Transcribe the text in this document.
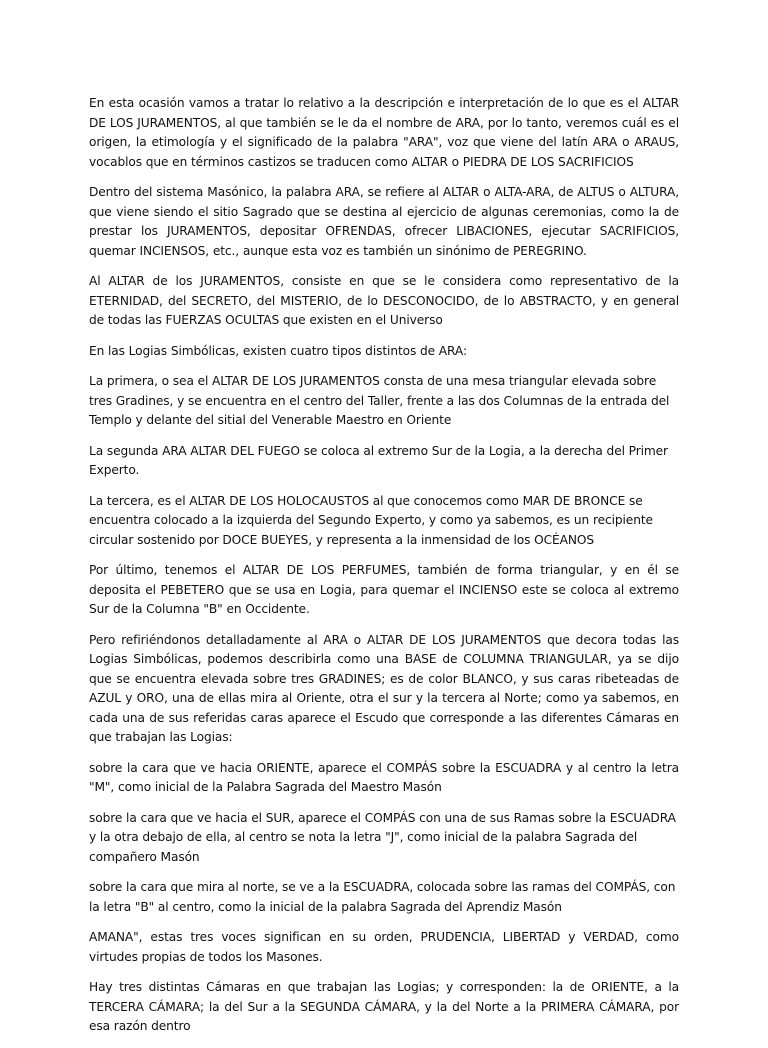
En esta ocasión vamos a tratar lo relativo a la descripción e interpretación de lo que es el ALTAR DE LOS JURAMENTOS, al que también se le da el nombre de ARA, por lo tanto, veremos cuál es el origen, la etimología y el significado de la palabra "ARA", voz que viene del latín ARA o ARAUS, vocablos que en términos castizos se traducen como ALTAR o PIEDRA DE LOS SACRIFICIOS

Dentro del sistema Masónico, la palabra ARA, se refiere al ALTAR o ALTA-ARA, de ALTUS o ALTURA, que viene siendo el sitio Sagrado que se destina al ejercicio de algunas ceremonias, como la de prestar los JURAMENTOS, depositar OFRENDAS, ofrecer LIBACIONES, ejecutar SACRIFICIOS, quemar INCIENSOS, etc., aunque esta voz es también un sinónimo de PEREGRINO.

Al ALTAR de los JURAMENTOS, consiste en que se le considera como representativo de la ETERNIDAD, del SECRETO, del MISTERIO, de lo DESCONOCIDO, de lo ABSTRACTO, y en general de todas las FUERZAS OCULTAS que existen en el Universo

En las Logias Simbólicas, existen cuatro tipos distintos de ARA:

La primera, o sea el ALTAR DE LOS JURAMENTOS consta de una mesa triangular elevada sobre tres Gradines, y se encuentra en el centro del Taller, frente a las dos Columnas de la entrada del Templo y delante del sitial del Venerable Maestro en Oriente

La segunda ARA ALTAR DEL FUEGO se coloca al extremo Sur de la Logia, a la derecha del Primer Experto.

La tercera, es el ALTAR DE LOS HOLOCAUSTOS al que conocemos como MAR DE BRONCE se encuentra colocado a la izquierda del Segundo Experto, y como ya sabemos, es un recipiente circular sostenido por DOCE BUEYES, y representa a la inmensidad de los OCÉANOS

Por último, tenemos el ALTAR DE LOS PERFUMES, también de forma triangular, y en él se deposita el PEBETERO que se usa en Logia, para quemar el INCIENSO este se coloca al extremo Sur de la Columna "B" en Occidente.

Pero refiriéndonos detalladamente al ARA o ALTAR DE LOS JURAMENTOS que decora todas las Logias Simbólicas, podemos describirla como una BASE de COLUMNA TRIANGULAR, ya se dijo que se encuentra elevada sobre tres GRADINES; es de color BLANCO, y sus caras ribeteadas de AZUL y ORO, una de ellas mira al Oriente, otra el sur y la tercera al Norte; como ya sabemos, en cada una de sus referidas caras aparece el Escudo que corresponde a las diferentes Cámaras en que trabajan las Logias:

sobre la cara que ve hacia ORIENTE, aparece el COMPÁS sobre la ESCUADRA y al centro la letra "M", como inicial de la Palabra Sagrada del Maestro Masón

sobre la cara que ve hacia el SUR, aparece el COMPÁS con una de sus Ramas sobre la ESCUADRA y la otra debajo de ella, al centro se nota la letra "J", como inicial de la palabra Sagrada del compañero Masón

sobre la cara que mira al norte, se ve a la ESCUADRA, colocada sobre las ramas del COMPÁS, con la letra "B" al centro, como la inicial de la palabra Sagrada del Aprendiz Masón

AMANA", estas tres voces significan en su orden, PRUDENCIA, LIBERTAD y VERDAD, como virtudes propias de todos los Masones.

Hay tres distintas Cámaras en que trabajan las Logias; y corresponden: la de ORIENTE, a la TERCERA CÁMARA; la del Sur a la SEGUNDA CÁMARA, y la del Norte a la PRIMERA CÁMARA, por esa razón dentro
